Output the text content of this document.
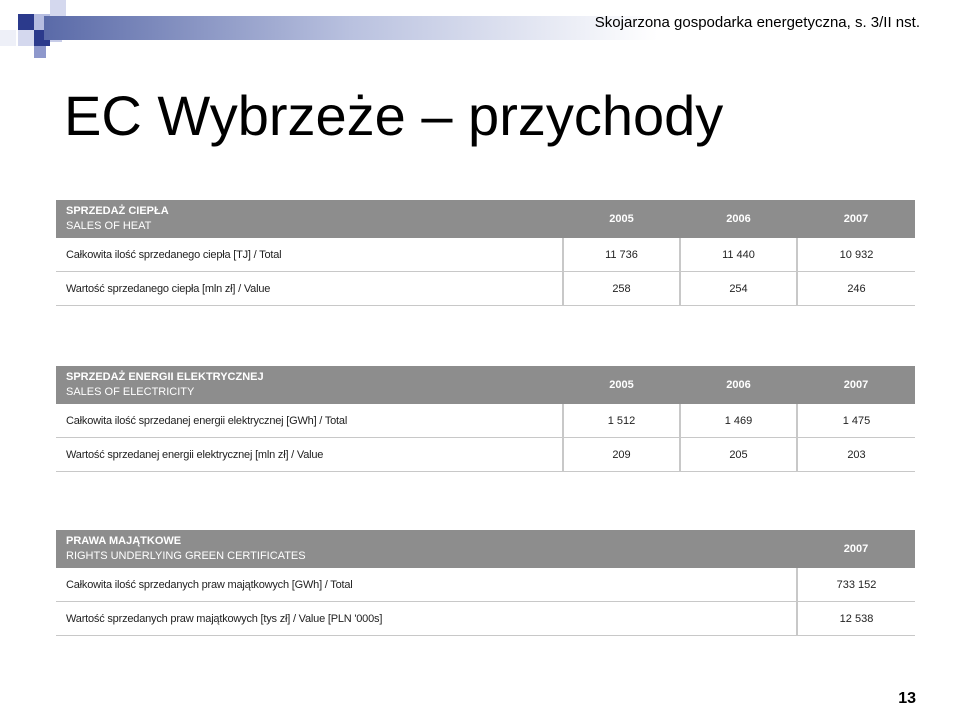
Skojarzona gospodarka energetyczna, s. 3/II nst.
EC Wybrzeże – przychody
SPRZEDAŻ CIEPŁA
SALES OF HEAT	2005	2006	2007
Całkowita ilość sprzedanego ciepła [TJ] / Total	11 736	11 440	10 932
Wartość sprzedanego ciepła [mln zł] / Value	258	254	246
SPRZEDAŻ ENERGII ELEKTRYCZNEJ
SALES OF ELECTRICITY	2005	2006	2007
Całkowita ilość sprzedanej energii elektrycznej [GWh] / Total	1 512	1 469	1 475
Wartość sprzedanej energii elektrycznej [mln zł] / Value	209	205	203
PRAWA MAJĄTKOWE
RIGHTS UNDERLYING GREEN CERTIFICATES	2007
Całkowita ilość sprzedanych praw majątkowych [GWh] / Total	733 152
Wartość sprzedanych praw majątkowych [tys zł] / Value [PLN '000s]	12 538
13
